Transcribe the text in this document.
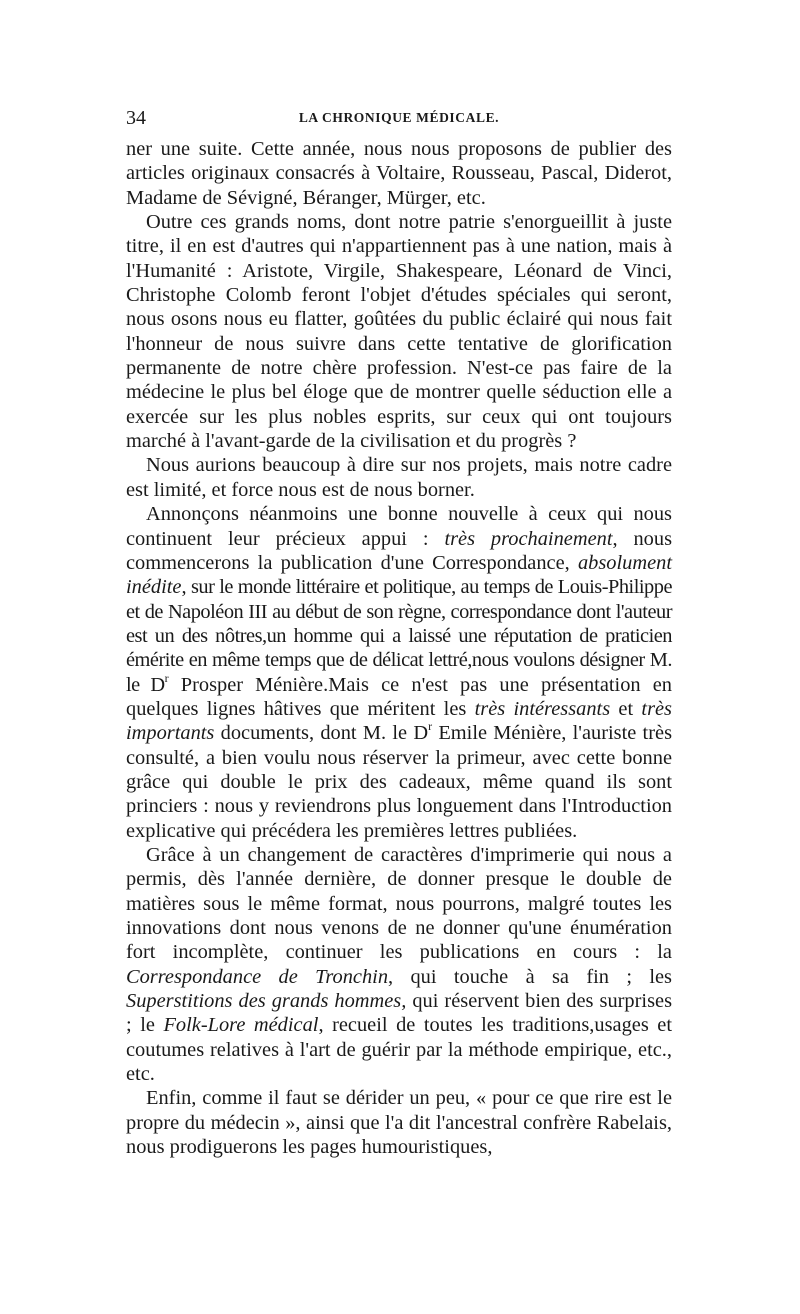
34	LA CHRONIQUE MÉDICALE.

ner une suite. Cette année, nous nous proposons de publier des articles originaux consacrés à Voltaire, Rousseau, Pascal, Diderot, Madame de Sévigné, Béranger, Mürger, etc.

Outre ces grands noms, dont notre patrie s'enorgueillit à juste titre, il en est d'autres qui n'appartiennent pas à une nation, mais à l'Humanité : Aristote, Virgile, Shakespeare, Léonard de Vinci, Christophe Colomb feront l'objet d'études spéciales qui seront, nous osons nous eu flatter, goûtées du public éclairé qui nous fait l'honneur de nous suivre dans cette tentative de glorification permanente de notre chère profession. N'est-ce pas faire de la médecine le plus bel éloge que de montrer quelle séduction elle a exercée sur les plus nobles esprits, sur ceux qui ont toujours marché à l'avant-garde de la civilisation et du progrès ?

Nous aurions beaucoup à dire sur nos projets, mais notre cadre est limité, et force nous est de nous borner.

Annonçons néanmoins une bonne nouvelle à ceux qui nous continuent leur précieux appui : très prochainement, nous commencerons la publication d'une Correspondance, absolument inédite, sur le monde littéraire et politique, au temps de Louis-Philippe et de Napoléon III au début de son règne, correspondance dont l'auteur est un des nôtres,un homme qui a laissé une réputation de praticien émérite en même temps que de délicat lettré,nous voulons désigner M. le $D^r$ Prosper Ménière.Mais ce n'est pas une présentation en quelques lignes hâtives que méritent les très intéressants et très importants documents, dont M. le $D^r$ Emile Ménière, l'auriste très consulté, a bien voulu nous réserver la primeur, avec cette bonne grâce qui double le prix des cadeaux, même quand ils sont princiers : nous y reviendrons plus longuement dans l'Introduction explicative qui précédera les premières lettres publiées.

Grâce à un changement de caractères d'imprimerie qui nous a permis, dès l'année dernière, de donner presque le double de matières sous le même format, nous pourrons, malgré toutes les innovations dont nous venons de ne donner qu'une énumération fort incomplète, continuer les publications en cours : la Correspondance de Tronchin, qui touche à sa fin ; les Superstitions des grands hommes, qui réservent bien des surprises ; le Folk-Lore médical, recueil de toutes les traditions,usages et coutumes relatives à l'art de guérir par la méthode empirique, etc., etc.

Enfin, comme il faut se dérider un peu, « pour ce que rire est le propre du médecin », ainsi que l'a dit l'ancestral confrère Rabelais, nous prodiguerons les pages humouristiques,
